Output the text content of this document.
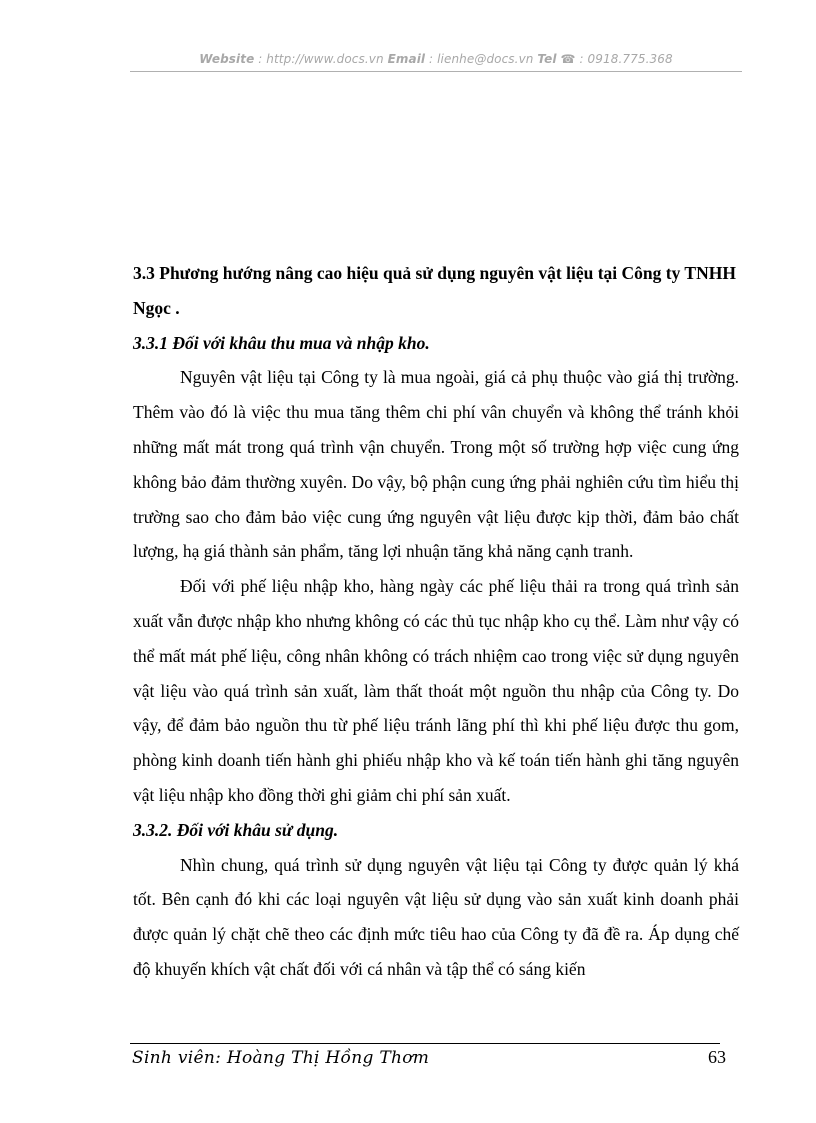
Website : http://www.docs.vn Email : lienhe@docs.vn Tel ☎ : 0918.775.368

3.3 Phương hướng nâng cao hiệu quả sử dụng nguyên vật liệu tại Công ty TNHH Ngọc .

3.3.1 Đối với khâu thu mua và nhập kho.

Nguyên vật liệu tại Công ty là mua ngoài, giá cả phụ thuộc vào giá thị trường. Thêm vào đó là việc thu mua tăng thêm chi phí vân chuyển và không thể tránh khỏi những mất mát trong quá trình vận chuyển. Trong một số trường hợp việc cung ứng không bảo đảm thường xuyên. Do vậy, bộ phận cung ứng phải nghiên cứu tìm hiểu thị trường sao cho đảm bảo việc cung ứng nguyên vật liệu được kịp thời, đảm bảo chất lượng, hạ giá thành sản phẩm, tăng lợi nhuận tăng khả năng cạnh tranh.

Đối với phế liệu nhập kho, hàng ngày các phế liệu thải ra trong quá trình sản xuất vẫn được nhập kho nhưng không có các thủ tục nhập kho cụ thể. Làm như vậy có thể mất mát phế liệu, công nhân không có trách nhiệm cao trong việc sử dụng nguyên vật liệu vào quá trình sản xuất, làm thất thoát một nguồn thu nhập của Công ty. Do vậy, để đảm bảo nguồn thu từ phế liệu tránh lãng phí thì khi phế liệu được thu gom, phòng kinh doanh tiến hành ghi phiếu nhập kho và kế toán tiến hành ghi tăng nguyên vật liệu nhập kho đồng thời ghi giảm chi phí sản xuất.

3.3.2. Đối với khâu sử dụng.

Nhìn chung, quá trình sử dụng nguyên vật liệu tại Công ty được quản lý khá tốt. Bên cạnh đó khi các loại nguyên vật liệu sử dụng vào sản xuất kinh doanh phải được quản lý chặt chẽ theo các định mức tiêu hao của Công ty đã đề ra. Áp dụng chế độ khuyến khích vật chất đối với cá nhân và tập thể có sáng kiến

Sinh viên: Hoàng Thị Hồng Thơm	63
